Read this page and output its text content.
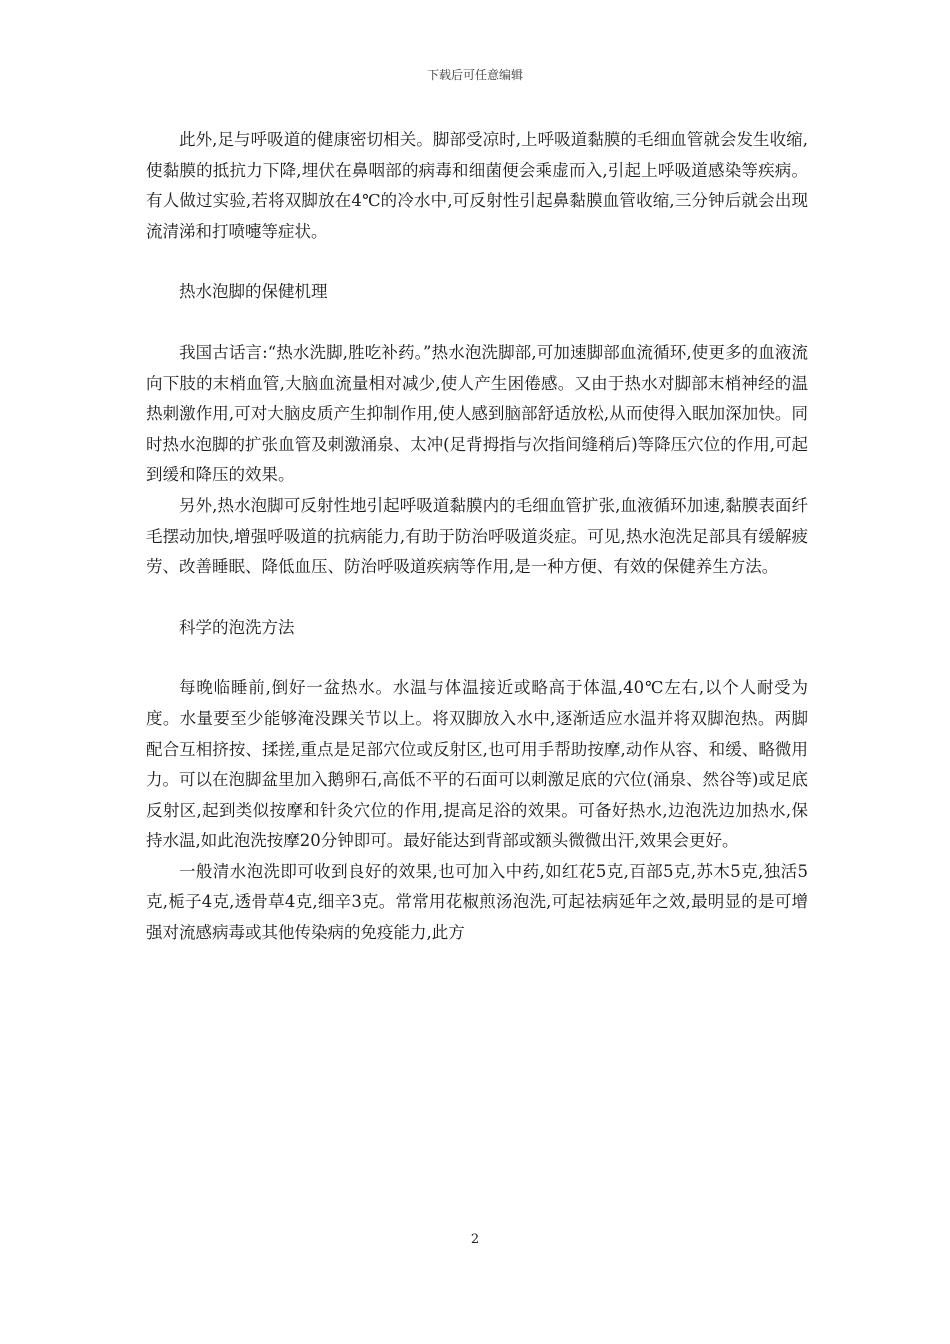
下载后可任意编辑

此外,足与呼吸道的健康密切相关。脚部受凉时,上呼吸道黏膜的毛细血管就会发生收缩,使黏膜的抵抗力下降,埋伏在鼻咽部的病毒和细菌便会乘虚而入,引起上呼吸道感染等疾病。有人做过实验,若将双脚放在4℃的冷水中,可反射性引起鼻黏膜血管收缩,三分钟后就会出现流清涕和打喷嚏等症状。

热水泡脚的保健机理

我国古话言:“热水洗脚,胜吃补药。”热水泡洗脚部,可加速脚部血流循环,使更多的血液流向下肢的末梢血管,大脑血流量相对减少,使人产生困倦感。又由于热水对脚部末梢神经的温热刺激作用,可对大脑皮质产生抑制作用,使人感到脑部舒适放松,从而使得入眠加深加快。同时热水泡脚的扩张血管及刺激涌泉、太冲(足背拇指与次指间缝稍后)等降压穴位的作用,可起到缓和降压的效果。

另外,热水泡脚可反射性地引起呼吸道黏膜内的毛细血管扩张,血液循环加速,黏膜表面纤毛摆动加快,增强呼吸道的抗病能力,有助于防治呼吸道炎症。可见,热水泡洗足部具有缓解疲劳、改善睡眠、降低血压、防治呼吸道疾病等作用,是一种方便、有效的保健养生方法。

科学的泡洗方法

每晚临睡前,倒好一盆热水。水温与体温接近或略高于体温,40℃左右,以个人耐受为度。水量要至少能够淹没踝关节以上。将双脚放入水中,逐渐适应水温并将双脚泡热。两脚配合互相挤按、揉搓,重点是足部穴位或反射区,也可用手帮助按摩,动作从容、和缓、略微用力。可以在泡脚盆里加入鹅卵石,高低不平的石面可以刺激足底的穴位(涌泉、然谷等)或足底反射区,起到类似按摩和针灸穴位的作用,提高足浴的效果。可备好热水,边泡洗边加热水,保持水温,如此泡洗按摩20分钟即可。最好能达到背部或额头微微出汗,效果会更好。

一般清水泡洗即可收到良好的效果,也可加入中药,如红花5克,百部5克,苏木5克,独活5克,栀子4克,透骨草4克,细辛3克。常常用花椒煎汤泡洗,可起祛病延年之效,最明显的是可增强对流感病毒或其他传染病的免疫能力,此方

2
